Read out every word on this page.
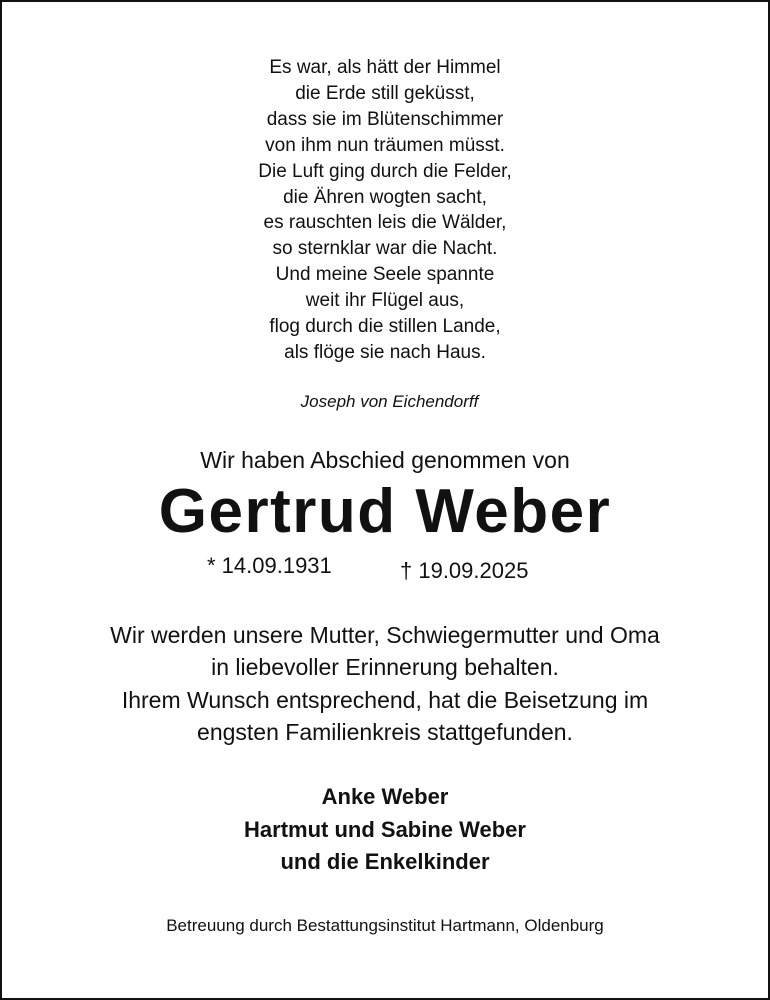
Es war, als hätt der Himmel
die Erde still geküsst,
dass sie im Blütenschimmer
von ihm nun träumen müsst.
Die Luft ging durch die Felder,
die Ähren wogten sacht,
es rauschten leis die Wälder,
so sternklar war die Nacht.
Und meine Seele spannte
weit ihr Flügel aus,
flog durch die stillen Lande,
als flöge sie nach Haus.
Joseph von Eichendorff
Wir haben Abschied genommen von
Gertrud Weber
* 14.09.1931	† 19.09.2025
Wir werden unsere Mutter, Schwiegermutter und Oma
in liebevoller Erinnerung behalten.
Ihrem Wunsch entsprechend, hat die Beisetzung im
engsten Familienkreis stattgefunden.
Anke Weber
Hartmut und Sabine Weber
und die Enkelkinder
Betreuung durch Bestattungsinstitut Hartmann, Oldenburg
